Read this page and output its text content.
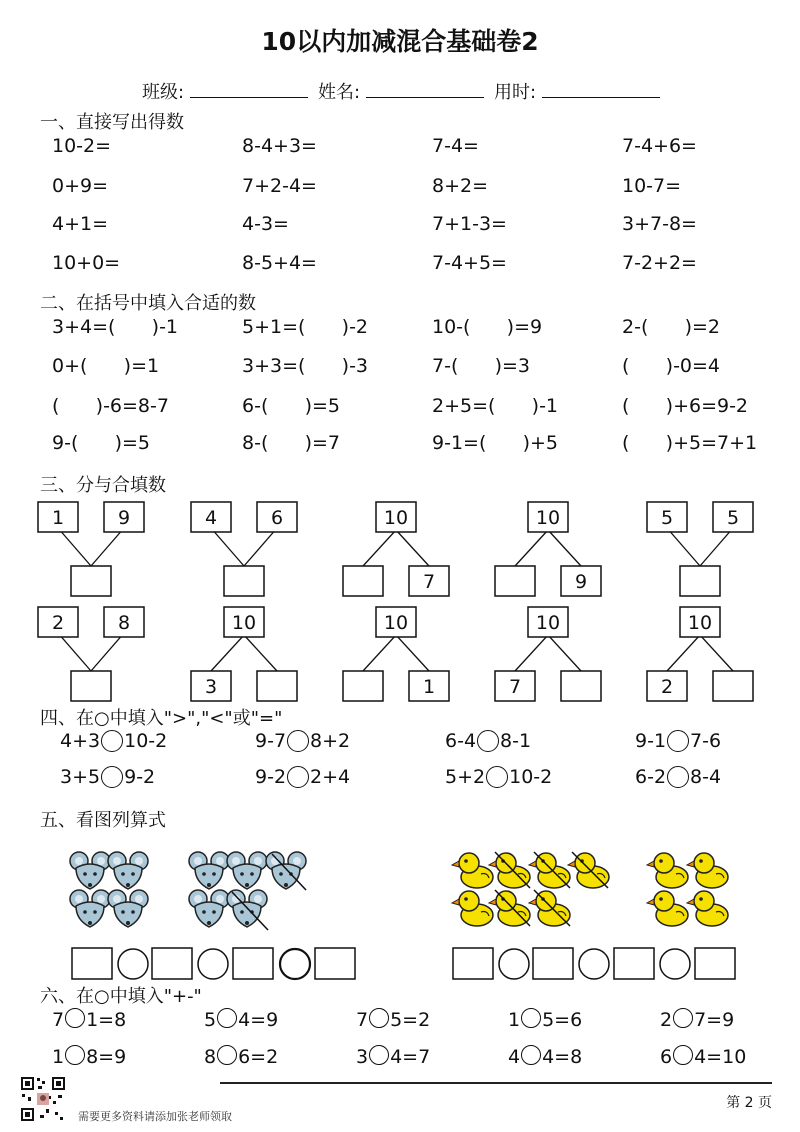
10以内加减混合基础卷2
班级:	姓名:	用时:
一、直接写出得数
二、在括号中填入合适的数
三、分与合填数
四、在○中填入">","<"或"="
五、看图列算式
六、在○中填入"+-"
10-2=	8-4+3=	7-4=	7-4+6=
0+9=	7+2-4=	8+2=	10-7=
4+1=	4-3=	7+1-3=	3+7-8=
10+0=	8-5+4=	7-4+5=	7-2+2=
3+4=(      )-1	5+1=(      )-2	10-(      )=9	2-(      )=2
0+(      )=1	3+3=(      )-3	7-(      )=3	(      )-0=4
(      )-6=8-7	6-(      )=5	2+5=(      )-1	(      )+6=9-2
9-(      )=5	8-(      )=7	9-1=(      )+5	(      )+5=7+1
1	9	4	6	10
7
10
9
5	5
2	8	10
3
10
1
10
7
10
2
4+3 10-2	9-7 8+2	6-4 8-1	9-1 7-6
3+5 9-2	9-2 2+4	5+2 10-2	6-2 8-4
7 1=8	5 4=9	7 5=2	1 5=6	2 7=9
1 8=9	8 6=2	3 4=7	4 4=8	6 4=10
第 2 页
需要更多资料请添加张老师领取
